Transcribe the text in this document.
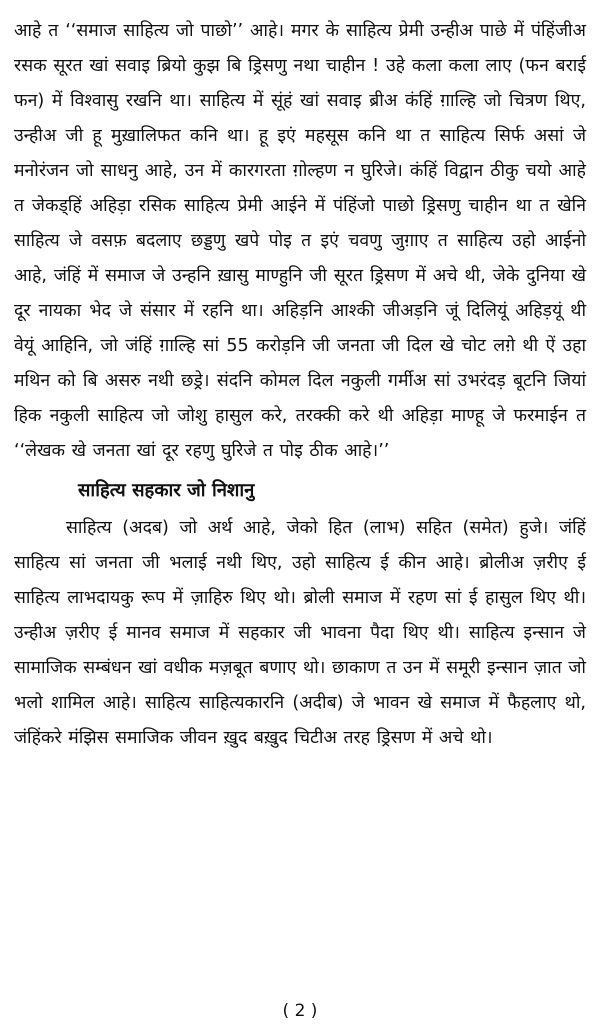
आहे त ‘‘समाज साहित्य जो पाछो’’ आहे। मगर के साहित्य प्रेमी उन्हीअ पाछे में पंहिंजीअ रसक सूरत खां सवाइ ब्रियो कुझ बि ड्रिसणु नथा चाहीन ! उहे कला कला लाए (फन बराई फन) में विश्वासु रखनि था। साहित्य में सूंहं खां सवाइ ब्रीअ कंहिं ग़ाल्हि जो चित्रण थिए, उन्हीअ जी हू मुख़ालिफत कनि था। हू इएं महसूस कनि था त साहित्य सिर्फ असां जे मनोरंजन जो साधनु आहे, उन में कारगरता ग़ोल्हण न घुरिजे। कंहिं विद्वान ठीकु चयो आहे त जेकड्हिं अहिड़ा रसिक साहित्य प्रेमी आईने में पंहिंजो पाछो ड्रिसणु चाहीन था त खेनि साहित्य जे वसफ़ बदलाए छड्डणु खपे पोइ त इएं चवणु जुग़ाए त साहित्य उहो आईनो आहे, जंहिं में समाज जे उन्हनि ख़ासु माण्हुनि जी सूरत ड्रिसण में अचे थी, जेके दुनिया खे दूर नायका भेद जे संसार में रहनि था। अहिड़नि आश्की जीअड़नि जूं दिलियूं अहिड़यूं थी वेयूं आहिनि, जो जंहिं ग़ाल्हि सां 55 करोड़नि जी जनता जी दिल खे चोट लग़े थी ऐं उहा मथिन को बि असरु नथी छड्रे। संदनि कोमल दिल नकुली गर्मीअ सां उभरंदड़ बूटनि जियां हिक नकुली साहित्य जो जोशु हासुल करे, तरक्की करे थी अहिड़ा माण्हू जे फरमाईन त ‘‘लेखक खे जनता खां दूर रहणु घुरिजे त पोइ ठीक आहे।’’

साहित्य सहकार जो निशानु

साहित्य (अदब) जो अर्थ आहे, जेको हित (लाभ) सहित (समेत) हुजे। जंहिं साहित्य सां जनता जी भलाई नथी थिए, उहो साहित्य ई कीन आहे। ब्रोलीअ ज़रीए ई साहित्य लाभदायकु रूप में ज़ाहिरु थिए थो। ब्रोली समाज में रहण सां ई हासुल थिए थी। उन्हीअ ज़रीए ई मानव समाज में सहकार जी भावना पैदा थिए थी। साहित्य इन्सान जे सामाजिक सम्बंधन खां वधीक मज़बूत बणाए थो। छाकाण त उन में समूरी इन्सान ज़ात जो भलो शामिल आहे। साहित्य साहित्यकारनि (अदीब) जे भावन खे समाज में फैहलाए थो, जंहिंकरे मंझिस समाजिक जीवन ख़ुद बख़ुद चिटीअ तरह ड्रिसण में अचे थो।

( 2 )
